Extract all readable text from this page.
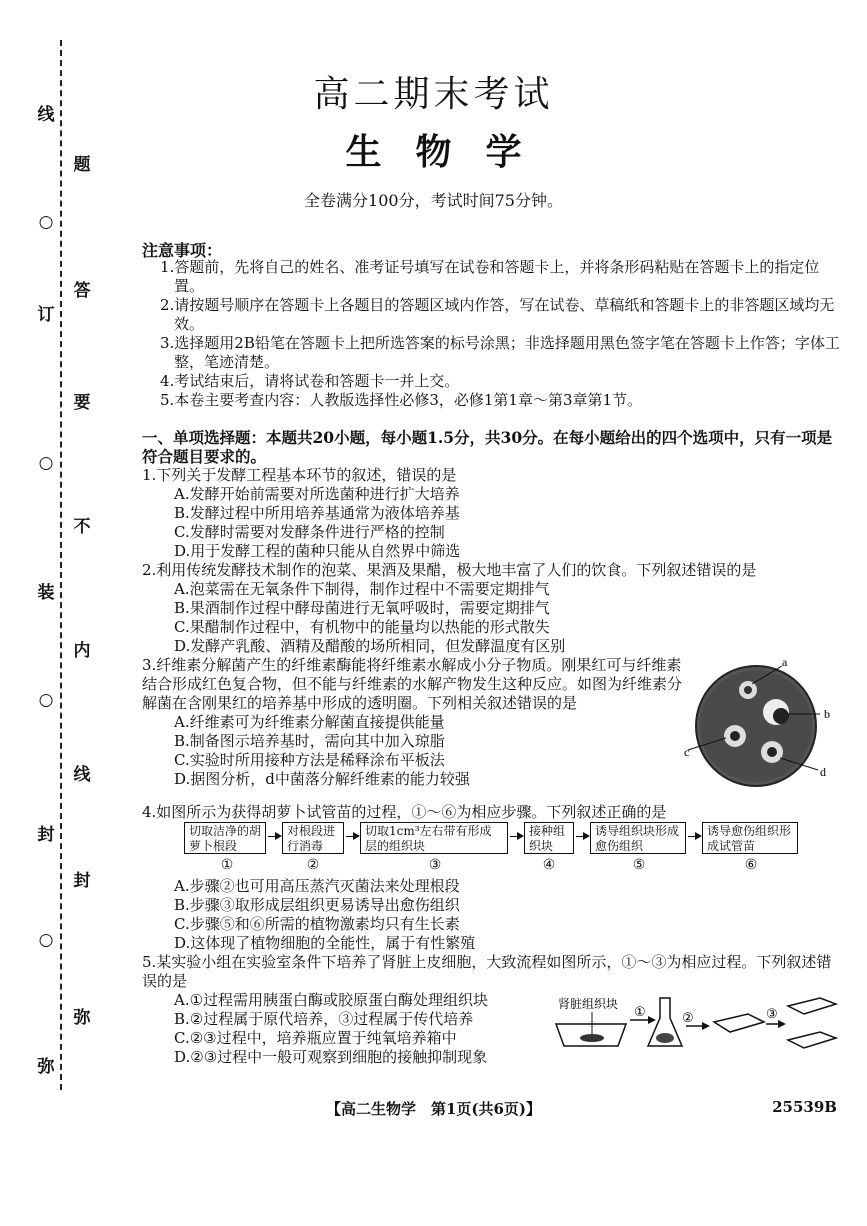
线
○
订
○
装
○
封
○
弥
题
答
要
不
内
线
封
弥
高二期末考试
生物学
全卷满分100分，考试时间75分钟。
注意事项：
1.答题前，先将自己的姓名、准考证号填写在试卷和答题卡上，并将条形码粘贴在答题卡上的指定位置。
2.请按题号顺序在答题卡上各题目的答题区域内作答，写在试卷、草稿纸和答题卡上的非答题区域均无效。
3.选择题用2B铅笔在答题卡上把所选答案的标号涂黑；非选择题用黑色签字笔在答题卡上作答；字体工整，笔迹清楚。
4.考试结束后，请将试卷和答题卡一并上交。
5.本卷主要考查内容：人教版选择性必修3，必修1第1章～第3章第1节。
一、单项选择题：本题共20小题，每小题1.5分，共30分。在每小题给出的四个选项中，只有一项是符合题目要求的。
1.下列关于发酵工程基本环节的叙述，错误的是
A.发酵开始前需要对所选菌种进行扩大培养
B.发酵过程中所用培养基通常为液体培养基
C.发酵时需要对发酵条件进行严格的控制
D.用于发酵工程的菌种只能从自然界中筛选
2.利用传统发酵技术制作的泡菜、果酒及果醋，极大地丰富了人们的饮食。下列叙述错误的是
A.泡菜需在无氧条件下制得，制作过程中不需要定期排气
B.果酒制作过程中酵母菌进行无氧呼吸时，需要定期排气
C.果醋制作过程中，有机物中的能量均以热能的形式散失
D.发酵产乳酸、酒精及醋酸的场所相同，但发酵温度有区别
3.纤维素分解菌产生的纤维素酶能将纤维素水解成小分子物质。刚果红可与纤维素结合形成红色复合物，但不能与纤维素的水解产物发生这种反应。如图为纤维素分解菌在含刚果红的培养基中形成的透明圈。下列相关叙述错误的是
A.纤维素可为纤维素分解菌直接提供能量
B.制备图示培养基时，需向其中加入琼脂
C.实验时所用接种方法是稀释涂布平板法
D.据图分析，d中菌落分解纤维素的能力较强
a
b
c
d
4.如图所示为获得胡萝卜试管苗的过程，①～⑥为相应步骤。下列叙述正确的是
切取洁净的胡萝卜根段
对根段进行消毒
切取1cm³左右带有形成层的组织块
接种组织块
诱导组织块形成愈伤组织
诱导愈伤组织形成试管苗
①	②	③	④	⑤	⑥
A.步骤②也可用高压蒸汽灭菌法来处理根段
B.步骤③取形成层组织更易诱导出愈伤组织
C.步骤⑤和⑥所需的植物激素均只有生长素
D.这体现了植物细胞的全能性，属于有性繁殖
5.某实验小组在实验室条件下培养了肾脏上皮细胞，大致流程如图所示，①～③为相应过程。下列叙述错误的是
A.①过程需用胰蛋白酶或胶原蛋白酶处理组织块
B.②过程属于原代培养，③过程属于传代培养
C.②③过程中，培养瓶应置于纯氧培养箱中
D.②③过程中一般可观察到细胞的接触抑制现象
肾脏组织块 ①	②	③
【高二生物学　第1页(共6页)】	25539B
